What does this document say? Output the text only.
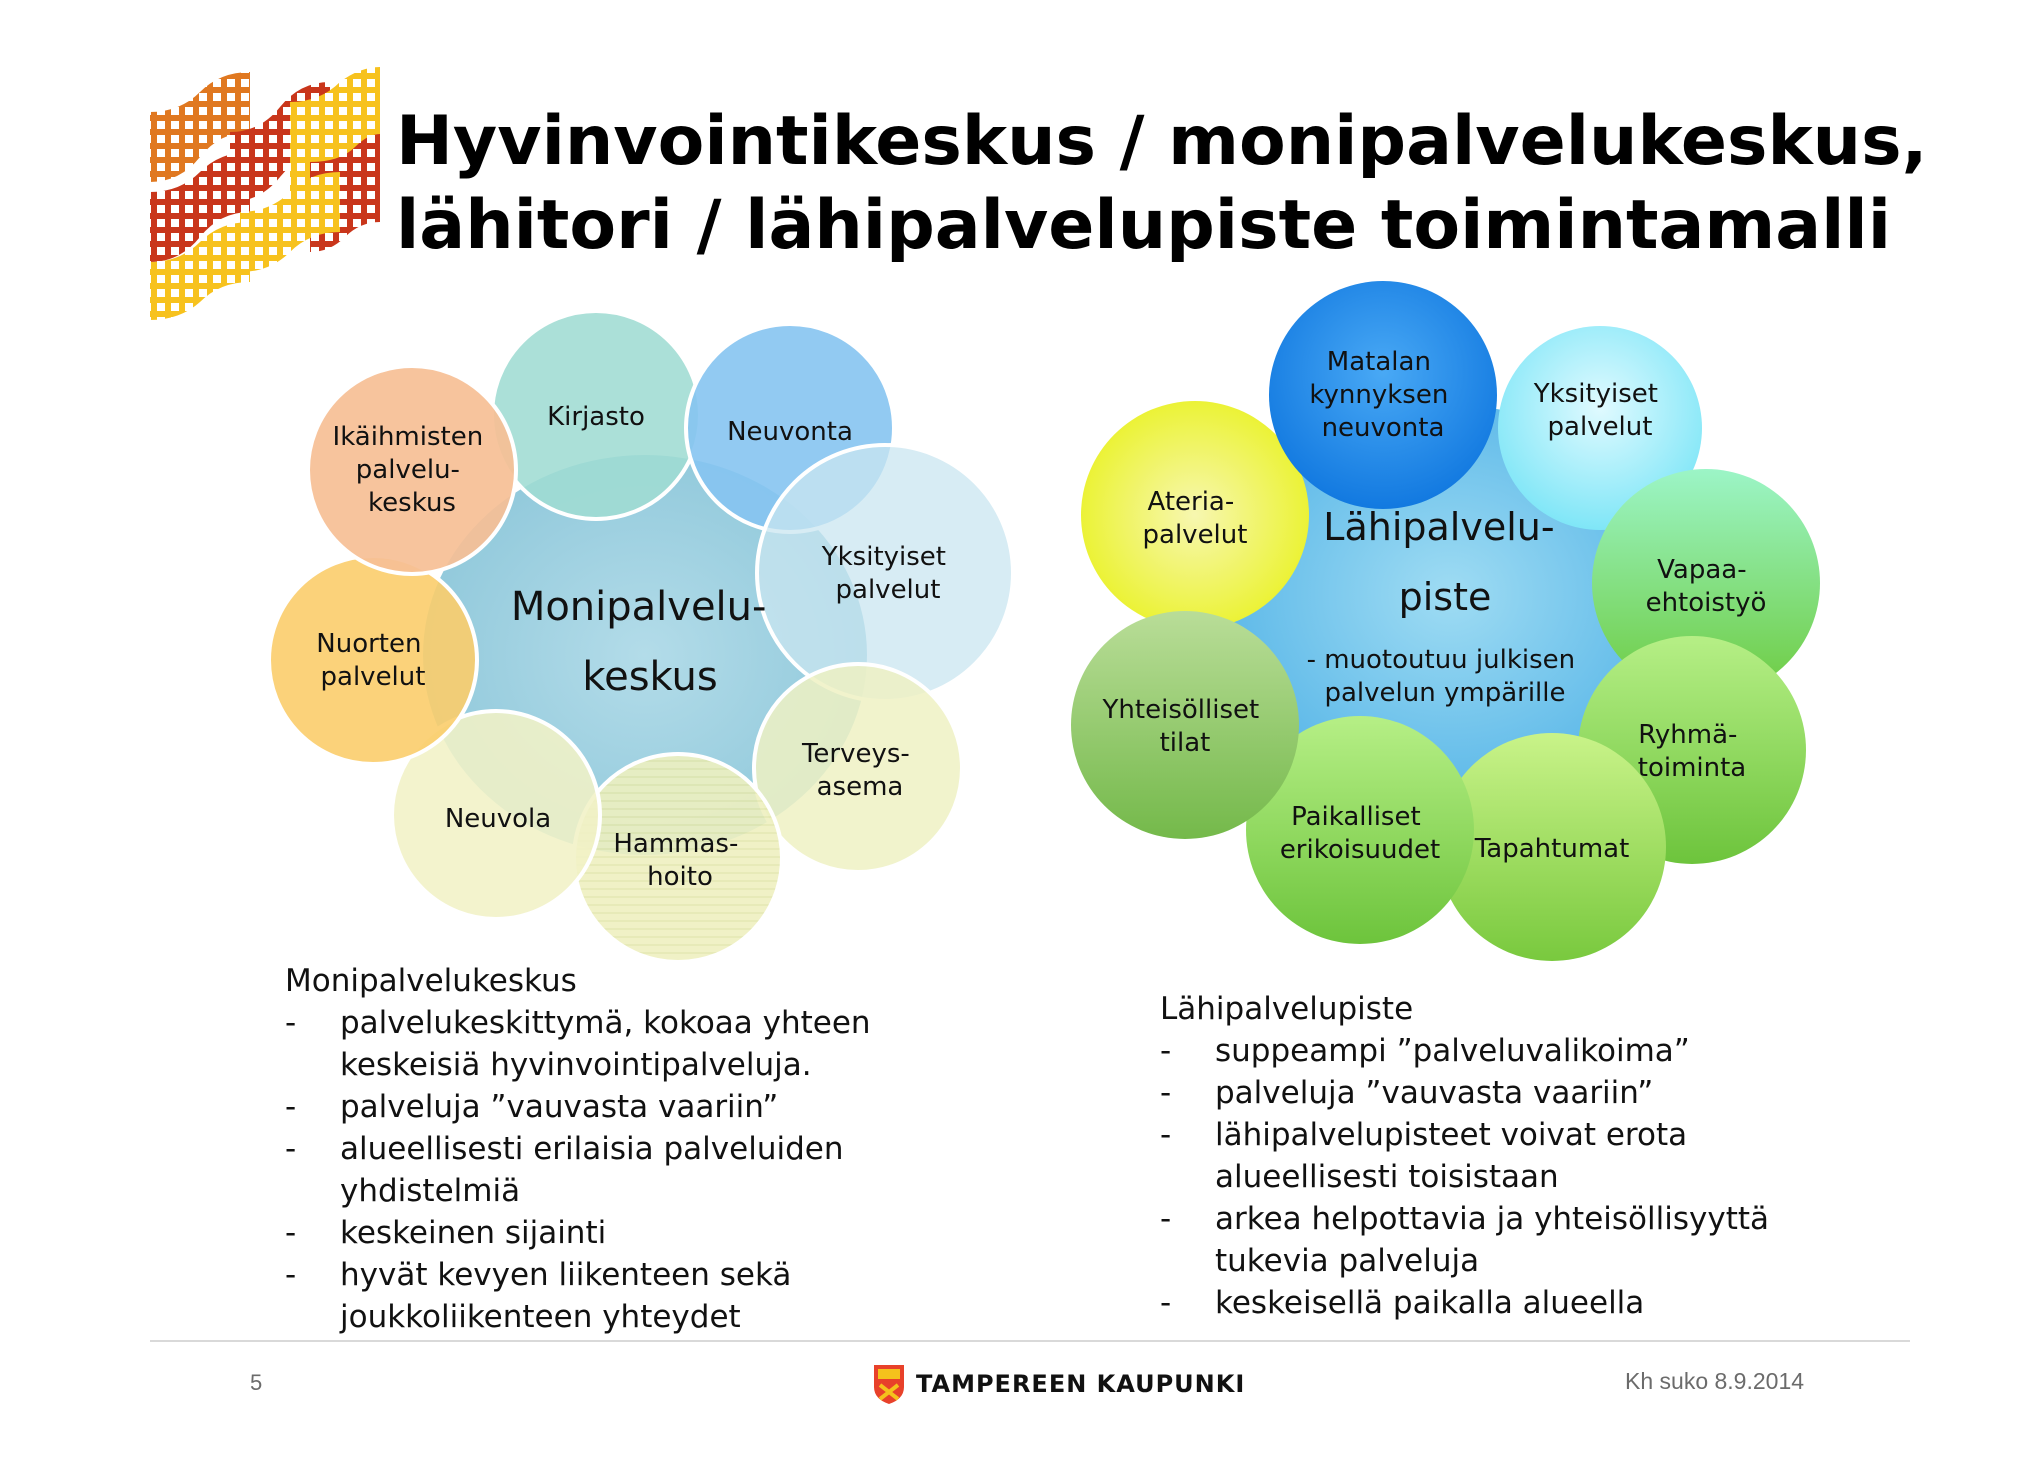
Hyvinvointikeskus / monipalvelukeskus,
lähitori / lähipalvelupiste toimintamalli
Monipalvelu- keskus
Kirjasto	Neuvonta
Yksityiset palvelut
Terveys- asema
Hammas- hoito
Neuvola
Nuorten palvelut
Ikäihmisten palvelu- keskus
Lähipalvelu- piste
- muotoutuu julkisen palvelun ympärille
Matalan kynnyksen neuvonta
Yksityiset palvelut
Vapaa- ehtoistyö
Ryhmä- toiminta
Tapahtumat
Paikalliset erikoisuudet
Yhteisölliset tilat
Ateria- palvelut
Monipalvelukeskus
- palvelukeskittymä, kokoaa yhteen
keskeisiä hyvinvointipalveluja.
- palveluja ”vauvasta vaariin”
- alueellisesti erilaisia palveluiden
yhdistelmiä
- keskeinen sijainti
- hyvät kevyen liikenteen sekä
joukkoliikenteen yhteydet
Lähipalvelupiste
- suppeampi ”palveluvalikoima”
- palveluja ”vauvasta vaariin”
- lähipalvelupisteet voivat erota
alueellisesti toisistaan
- arkea helpottavia ja yhteisöllisyyttä
tukevia palveluja
- keskeisellä paikalla alueella
5	TAMPEREEN KAUPUNKI	Kh suko 8.9.2014
